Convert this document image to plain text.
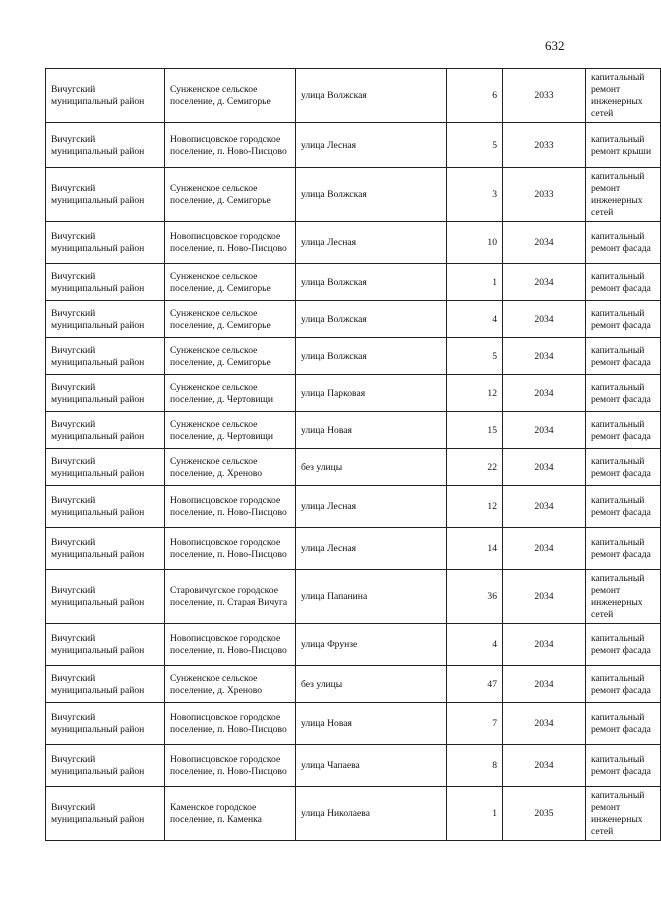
632
Вичугский муниципальный район	Сунженское сельское поселение, д. Семигорье	улица Волжская	6	2033	капитальный ремонт инженерных сетей
Вичугский муниципальный район	Новописцовское городское поселение, п. Ново-Писцово	улица Лесная	5	2033	капитальный ремонт крыши
Вичугский муниципальный район	Сунженское сельское поселение, д. Семигорье	улица Волжская	3	2033	капитальный ремонт инженерных сетей
Вичугский муниципальный район	Новописцовское городское поселение, п. Ново-Писцово	улица Лесная	10	2034	капитальный ремонт фасада
Вичугский муниципальный район	Сунженское сельское поселение, д. Семигорье	улица Волжская	1	2034	капитальный ремонт фасада
Вичугский муниципальный район	Сунженское сельское поселение, д. Семигорье	улица Волжская	4	2034	капитальный ремонт фасада
Вичугский муниципальный район	Сунженское сельское поселение, д. Семигорье	улица Волжская	5	2034	капитальный ремонт фасада
Вичугский муниципальный район	Сунженское сельское поселение, д. Чертовищи	улица Парковая	12	2034	капитальный ремонт фасада
Вичугский муниципальный район	Сунженское сельское поселение, д. Чертовищи	улица Новая	15	2034	капитальный ремонт фасада
Вичугский муниципальный район	Сунженское сельское поселение, д. Хреново	без улицы	22	2034	капитальный ремонт фасада
Вичугский муниципальный район	Новописцовское городское поселение, п. Ново-Писцово	улица Лесная	12	2034	капитальный ремонт фасада
Вичугский муниципальный район	Новописцовское городское поселение, п. Ново-Писцово	улица Лесная	14	2034	капитальный ремонт фасада
Вичугский муниципальный район	Старовичугское городское поселение, п. Старая Вичуга	улица Папанина	36	2034	капитальный ремонт инженерных сетей
Вичугский муниципальный район	Новописцовское городское поселение, п. Ново-Писцово	улица Фрунзе	4	2034	капитальный ремонт фасада
Вичугский муниципальный район	Сунженское сельское поселение, д. Хреново	без улицы	47	2034	капитальный ремонт фасада
Вичугский муниципальный район	Новописцовское городское поселение, п. Ново-Писцово	улица Новая	7	2034	капитальный ремонт фасада
Вичугский муниципальный район	Новописцовское городское поселение, п. Ново-Писцово	улица Чапаева	8	2034	капитальный ремонт фасада
Вичугский муниципальный район	Каменское городское поселение, п. Каменка	улица Николаева	1	2035	капитальный ремонт инженерных сетей
